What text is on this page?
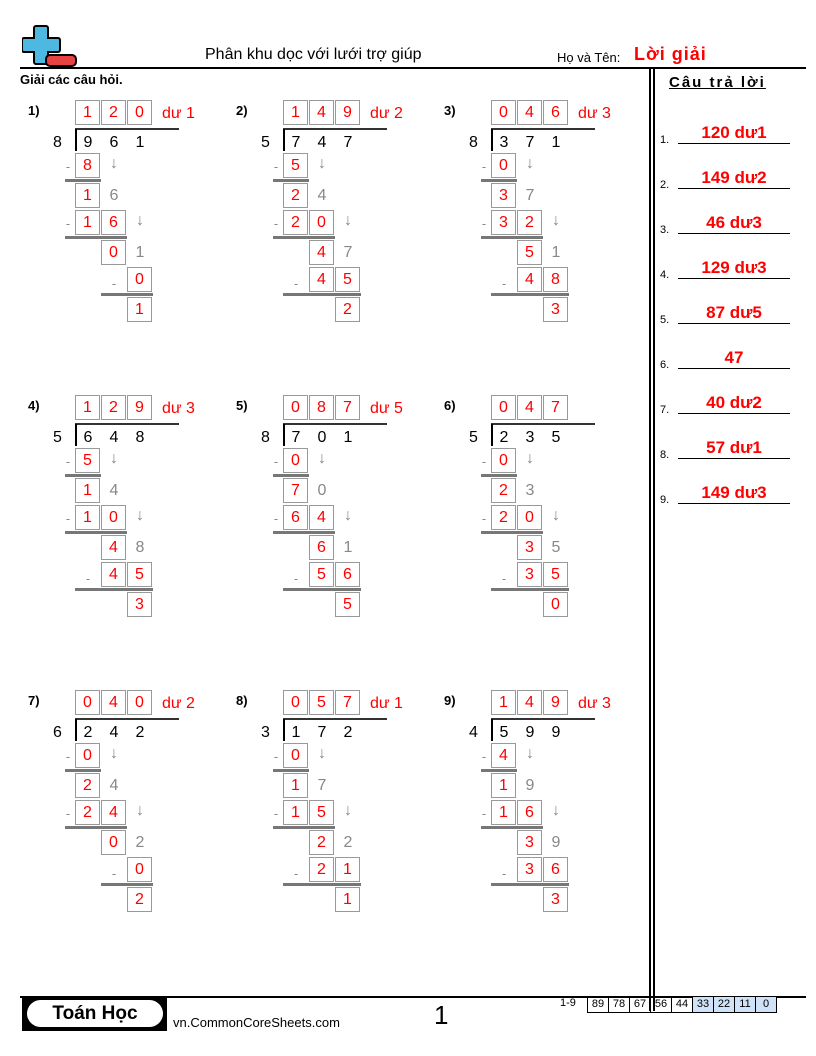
Phân khu dọc với lưới trợ giúp	Họ và Tên: Lời giải
Giải các câu hỏi.	Câu trả lời
1.	120 dư1
2.	149 dư2
3.	46 dư3
4.	129 dư3
5.	87 dư5
6.	47
7.	40 dư2
8.	57 dư1
9.	149 dư3
1)	1	2	0	dư 1
8	9	6	1
- 8	↓
1	6
- 1	6	↓
0	1
-	0
1
2)	1	4	9	dư 2
5	7	4	7
- 5	↓
2	4
- 2	0	↓
4	7
-	4	5
2
3)	0	4	6	dư 3
8	3	7	1
- 0	↓
3	7
- 3	2	↓
5	1
-	4	8
3
4)	1	2	9	dư 3
5	6	4	8
- 5	↓
1	4
- 1	0	↓
4	8
-	4	5
3
5)	0	8	7	dư 5
8	7	0	1
- 0	↓
7	0
- 6	4	↓
6	1
-	5	6
5
6)	0	4	7
5	2	3	5
- 0	↓
2	3
- 2	0	↓
3	5
-	3	5
0
7)	0	4	0	dư 2
6	2	4	2
- 0	↓
2	4
- 2	4	↓
0	2
-	0
2
8)	0	5	7	dư 1
3	1	7	2
- 0	↓
1	7
- 1	5	↓
2	2
-	2	1
1
9)	1	4	9	dư 3
4	5	9	9
- 4	↓
1	9
- 1	6	↓
3	9
-	3	6
3
Toán Học	vn.CommonCoreSheets.com	1	1-9 89	78	67	56	44	33	22	11	0
